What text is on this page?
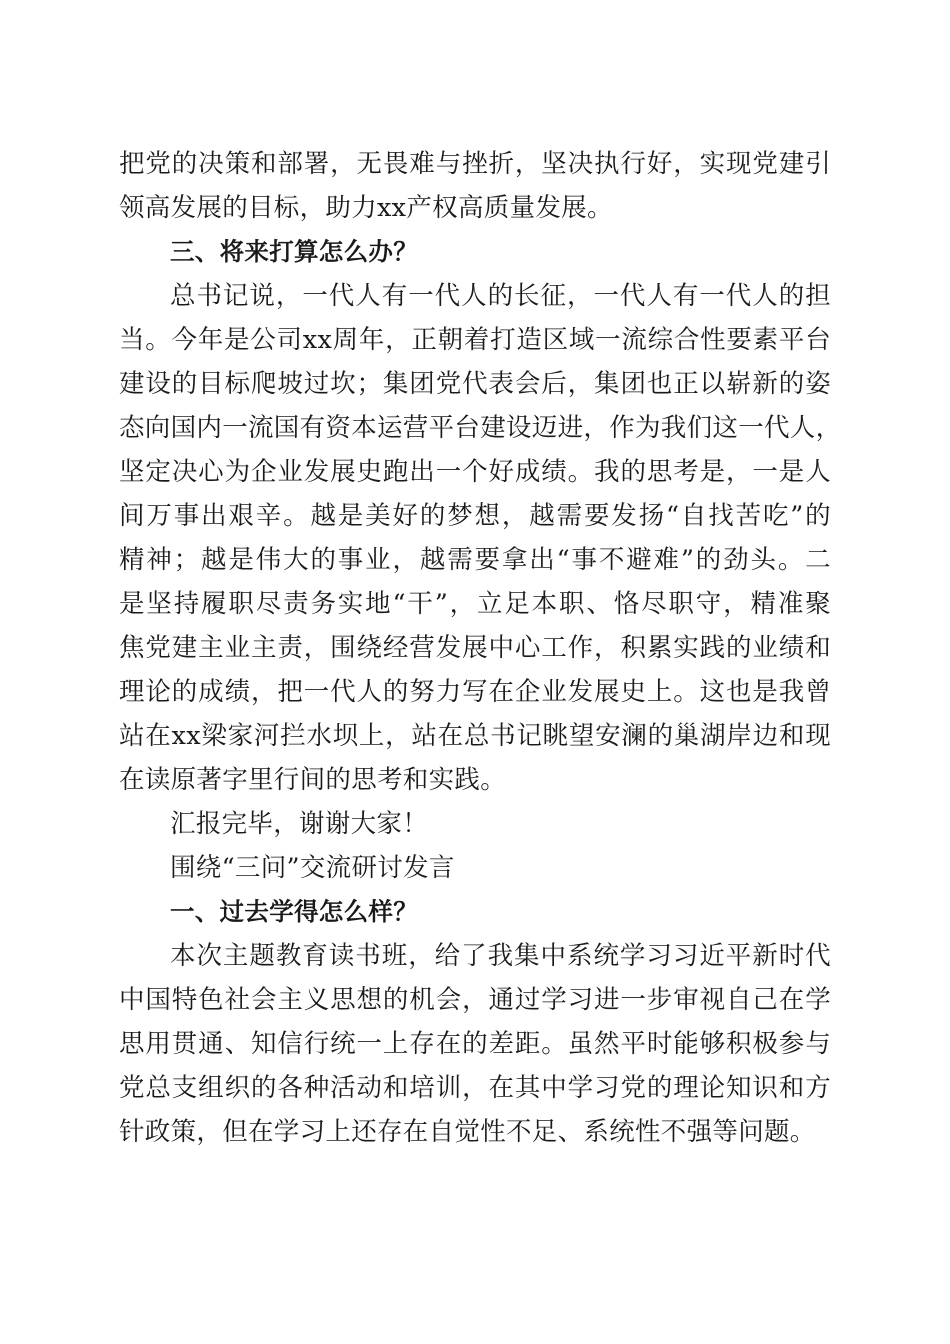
把党的决策和部署，无畏难与挫折，坚决执行好，实现党建引
领高发展的目标，助力xx产权高质量发展。
三、将来打算怎么办？
总书记说，一代人有一代人的长征，一代人有一代人的担
当。今年是公司xx周年，正朝着打造区域一流综合性要素平台
建设的目标爬坡过坎；集团党代表会后，集团也正以崭新的姿
态向国内一流国有资本运营平台建设迈进，作为我们这一代人，
坚定决心为企业发展史跑出一个好成绩。我的思考是，一是人
间万事出艰辛。越是美好的梦想，越需要发扬“自找苦吃”的
精神；越是伟大的事业，越需要拿出“事不避难”的劲头。二
是坚持履职尽责务实地“干”，立足本职、恪尽职守，精准聚
焦党建主业主责，围绕经营发展中心工作，积累实践的业绩和
理论的成绩，把一代人的努力写在企业发展史上。这也是我曾
站在xx梁家河拦水坝上，站在总书记眺望安澜的巢湖岸边和现
在读原著字里行间的思考和实践。
汇报完毕，谢谢大家！
围绕“三问”交流研讨发言
一、过去学得怎么样？
本次主题教育读书班，给了我集中系统学习习近平新时代
中国特色社会主义思想的机会，通过学习进一步审视自己在学
思用贯通、知信行统一上存在的差距。虽然平时能够积极参与
党总支组织的各种活动和培训，在其中学习党的理论知识和方
针政策，但在学习上还存在自觉性不足、系统性不强等问题。
